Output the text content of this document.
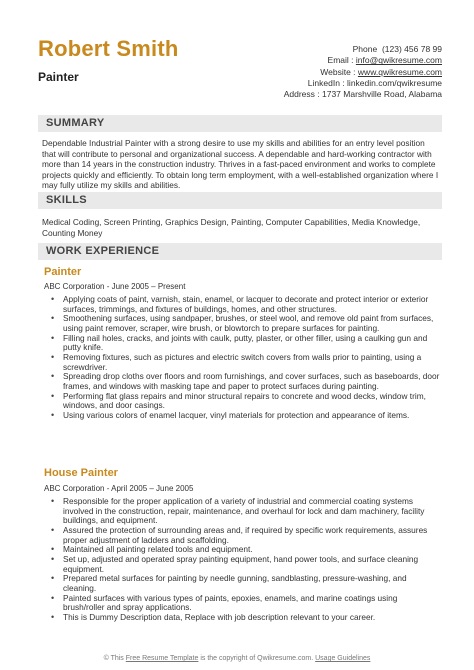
Robert Smith
Painter
Phone (123) 456 78 99
Email : info@qwikresume.com
Website : www.qwikresume.com
LinkedIn : linkedin.com/qwikresume
Address : 1737 Marshville Road, Alabama
SUMMARY
Dependable Industrial Painter with a strong desire to use my skills and abilities for an entry level position that will contribute to personal and organizational success. A dependable and hard-working contractor with more than 14 years in the construction industry. Thrives in a fast-paced environment and works to complete projects quickly and efficiently. To obtain long term employment, with a well-established organization where I may fully utilize my skills and abilities.
SKILLS
Medical Coding, Screen Printing, Graphics Design, Painting, Computer Capabilities, Media Knowledge, Counting Money
WORK EXPERIENCE
Painter
ABC Corporation - June 2005 – Present
• Applying coats of paint, varnish, stain, enamel, or lacquer to decorate and protect interior or exterior surfaces, trimmings, and fixtures of buildings, homes, and other structures.
• Smoothening surfaces, using sandpaper, brushes, or steel wool, and remove old paint from surfaces, using paint remover, scraper, wire brush, or blowtorch to prepare surfaces for painting.
• Filling nail holes, cracks, and joints with caulk, putty, plaster, or other filler, using a caulking gun and putty knife.
• Removing fixtures, such as pictures and electric switch covers from walls prior to painting, using a screwdriver.
• Spreading drop cloths over floors and room furnishings, and cover surfaces, such as baseboards, door frames, and windows with masking tape and paper to protect surfaces during painting.
• Performing flat glass repairs and minor structural repairs to concrete and wood decks, window trim, windows, and door casings.
• Using various colors of enamel lacquer, vinyl materials for protection and appearance of items.
House Painter
ABC Corporation - April 2005 – June 2005
• Responsible for the proper application of a variety of industrial and commercial coating systems involved in the construction, repair, maintenance, and overhaul for lock and dam machinery, facility buildings, and equipment.
• Assured the protection of surrounding areas and, if required by specific work requirements, assures proper adjustment of ladders and scaffolding.
• Maintained all painting related tools and equipment.
• Set up, adjusted and operated spray painting equipment, hand power tools, and surface cleaning equipment.
• Prepared metal surfaces for painting by needle gunning, sandblasting, pressure-washing, and cleaning.
• Painted surfaces with various types of paints, epoxies, enamels, and marine coatings using brush/roller and spray applications.
• This is Dummy Description data, Replace with job description relevant to your career.
© This Free Resume Template is the copyright of Qwikresume.com. Usage Guidelines
